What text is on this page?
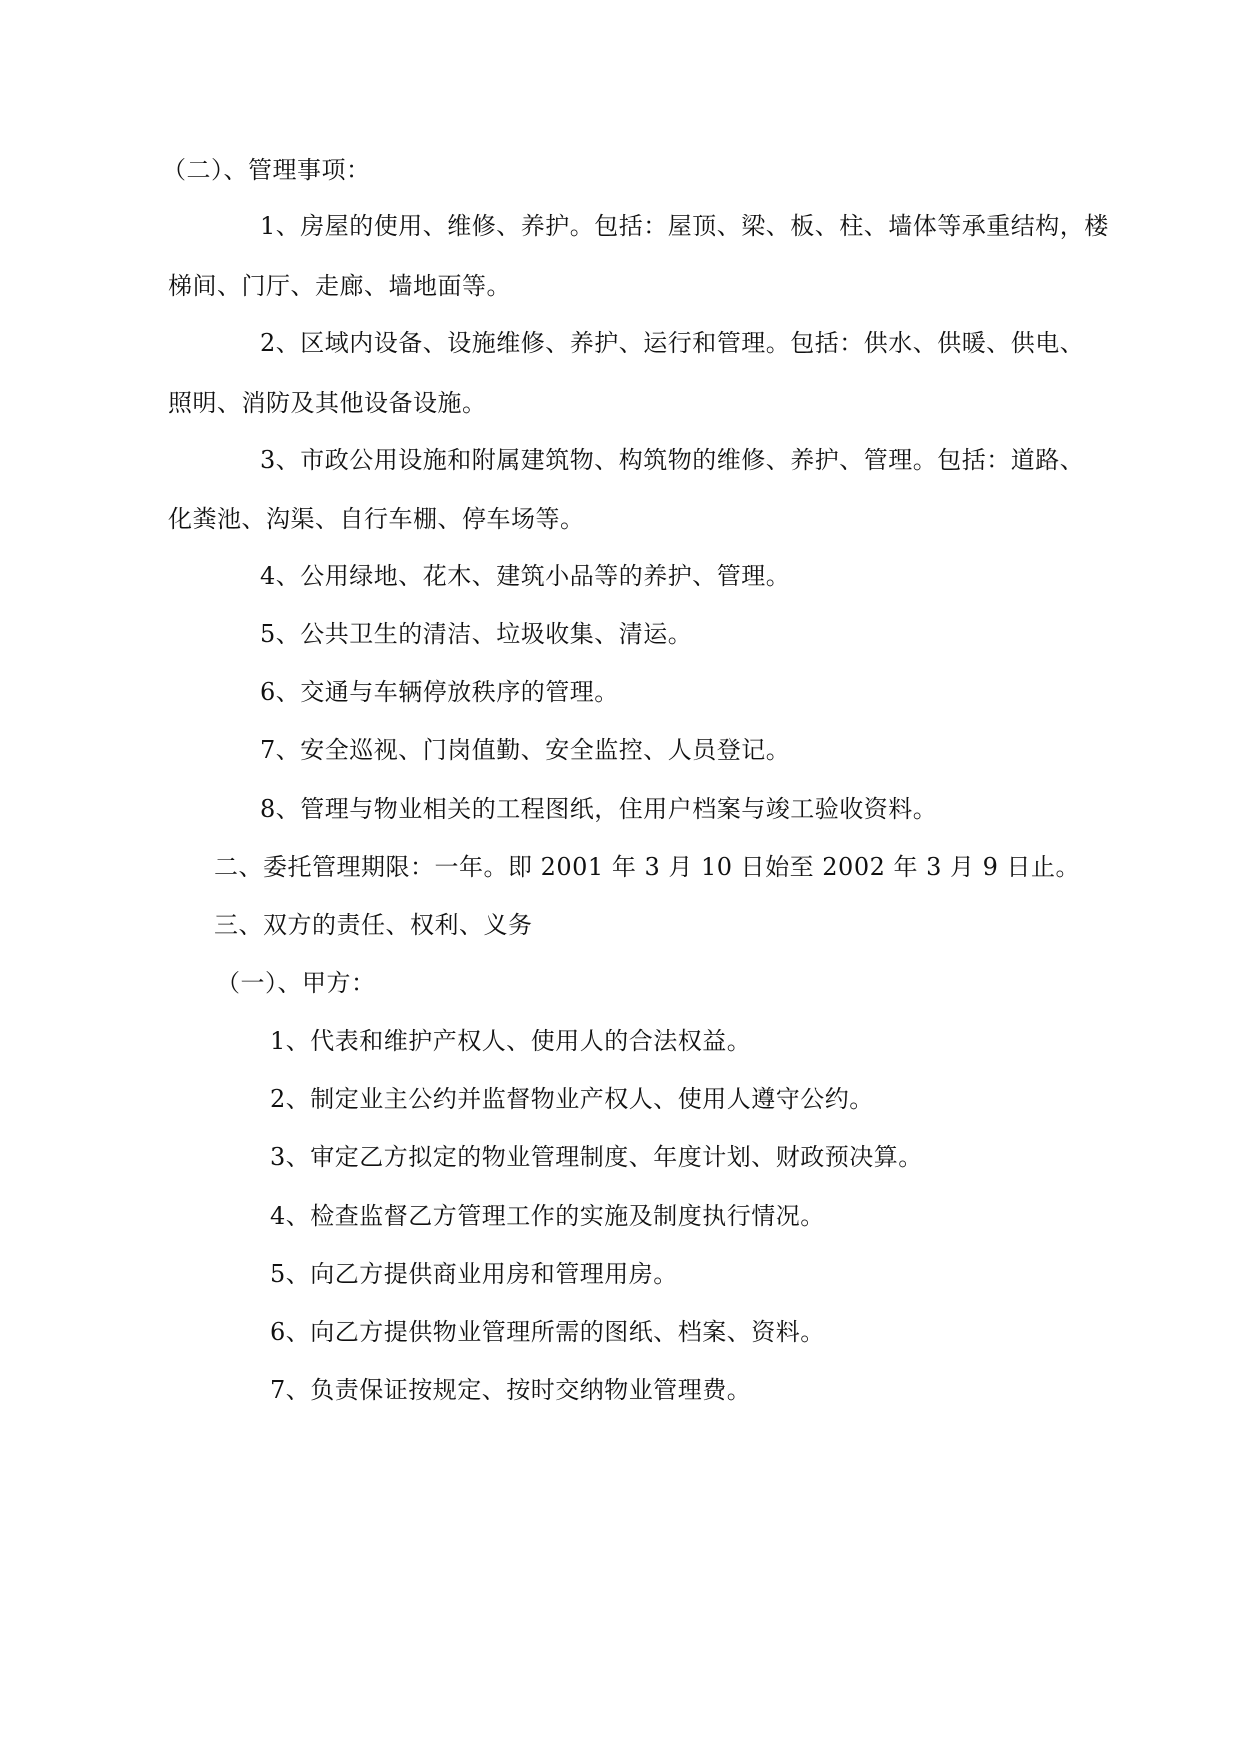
（二）、管理事项：
1、房屋的使用、维修、养护。包括：屋顶、梁、板、柱、墙体等承重结构，楼
梯间、门厅、走廊、墙地面等。
2、区域内设备、设施维修、养护、运行和管理。包括：供水、供暖、供电、
照明、消防及其他设备设施。
3、市政公用设施和附属建筑物、构筑物的维修、养护、管理。包括：道路、
化粪池、沟渠、自行车棚、停车场等。
4、公用绿地、花木、建筑小品等的养护、管理。
5、公共卫生的清洁、垃圾收集、清运。
6、交通与车辆停放秩序的管理。
7、安全巡视、门岗值勤、安全监控、人员登记。
8、管理与物业相关的工程图纸，住用户档案与竣工验收资料。
二、委托管理期限：一年。即 2001 年 3 月 10 日始至 2002 年 3 月 9 日止。
三、双方的责任、权利、义务
（一）、甲方：
1、代表和维护产权人、使用人的合法权益。
2、制定业主公约并监督物业产权人、使用人遵守公约。
3、审定乙方拟定的物业管理制度、年度计划、财政预决算。
4、检查监督乙方管理工作的实施及制度执行情况。
5、向乙方提供商业用房和管理用房。
6、向乙方提供物业管理所需的图纸、档案、资料。
7、负责保证按规定、按时交纳物业管理费。
